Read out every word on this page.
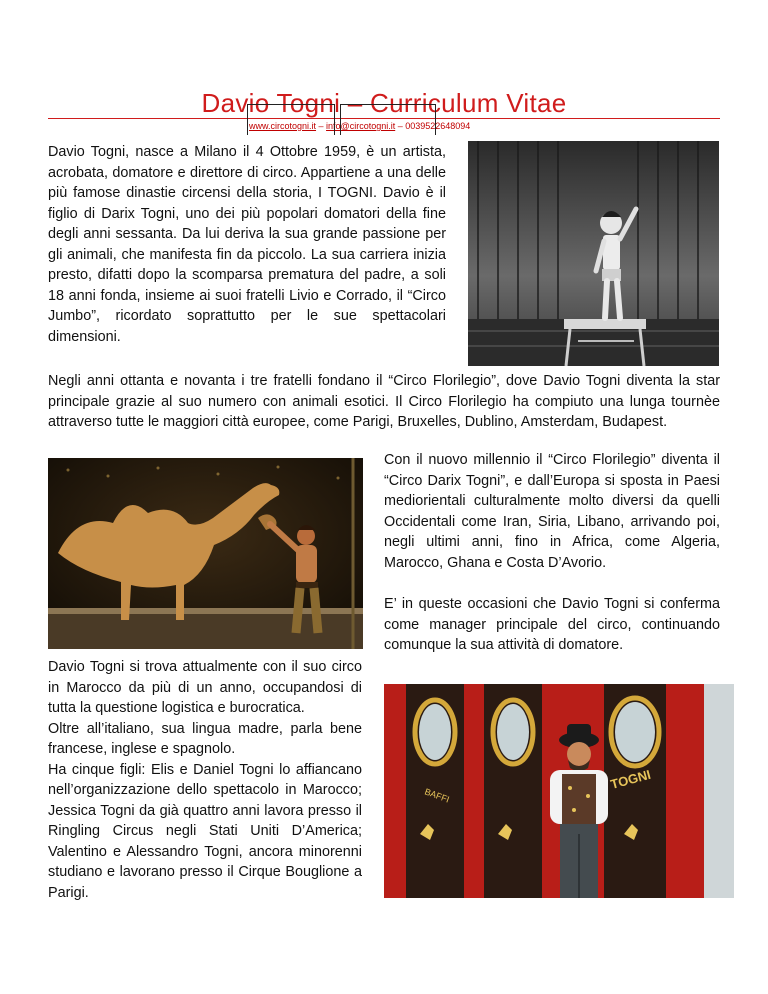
Davio Togni – Curriculum Vitae
www.circotogni.it – info@circotogni.it – 0039522648094

Davio Togni, nasce a Milano il 4 Ottobre 1959, è un artista, acrobata, domatore e direttore di circo. Appartiene a una delle più famose dinastie circensi della storia, I TOGNI. Davio è il figlio di Darix Togni, uno dei più popolari domatori della fine degli anni sessanta. Da lui deriva la sua grande passione per gli animali, che manifesta fin da piccolo. La sua carriera inizia presto, difatti dopo la scomparsa prematura del padre, a soli 18 anni fonda, insieme ai suoi fratelli Livio e Corrado, il “Circo Jumbo”, ricordato soprattutto per le sue spettacolari dimensioni.

Negli anni ottanta e novanta i tre fratelli fondano il “Circo Florilegio”, dove Davio Togni diventa la star principale grazie al suo numero con animali esotici. Il Circo Florilegio ha compiuto una lunga tournèe attraverso tutte le maggiori città europee, come Parigi, Bruxelles, Dublino, Amsterdam, Budapest.

Con il nuovo millennio il “Circo Florilegio” diventa il “Circo Darix Togni”, e dall’Europa si sposta in Paesi mediorientali culturalmente molto diversi da quelli Occidentali come Iran, Siria, Libano, arrivando poi, negli ultimi anni, fino in Africa, come Algeria, Marocco, Ghana e Costa D’Avorio.

E’ in queste occasioni che Davio Togni si conferma come manager principale del circo, continuando comunque la sua attività di domatore.

Davio Togni si trova attualmente con il suo circo in Marocco da più di un anno, occupandosi di tutta la questione logistica e burocratica.

Oltre all’italiano, sua lingua madre, parla bene francese, inglese e spagnolo.

Ha cinque figli: Elis e Daniel Togni lo affiancano nell’organizzazione dello spettacolo in Marocco; Jessica Togni da già quattro anni lavora presso il Ringling Circus negli Stati Uniti D’America; Valentino e Alessandro Togni, ancora minorenni studiano e lavorano presso il Cirque Bouglione a Parigi.

BAFFI
TOGNI
